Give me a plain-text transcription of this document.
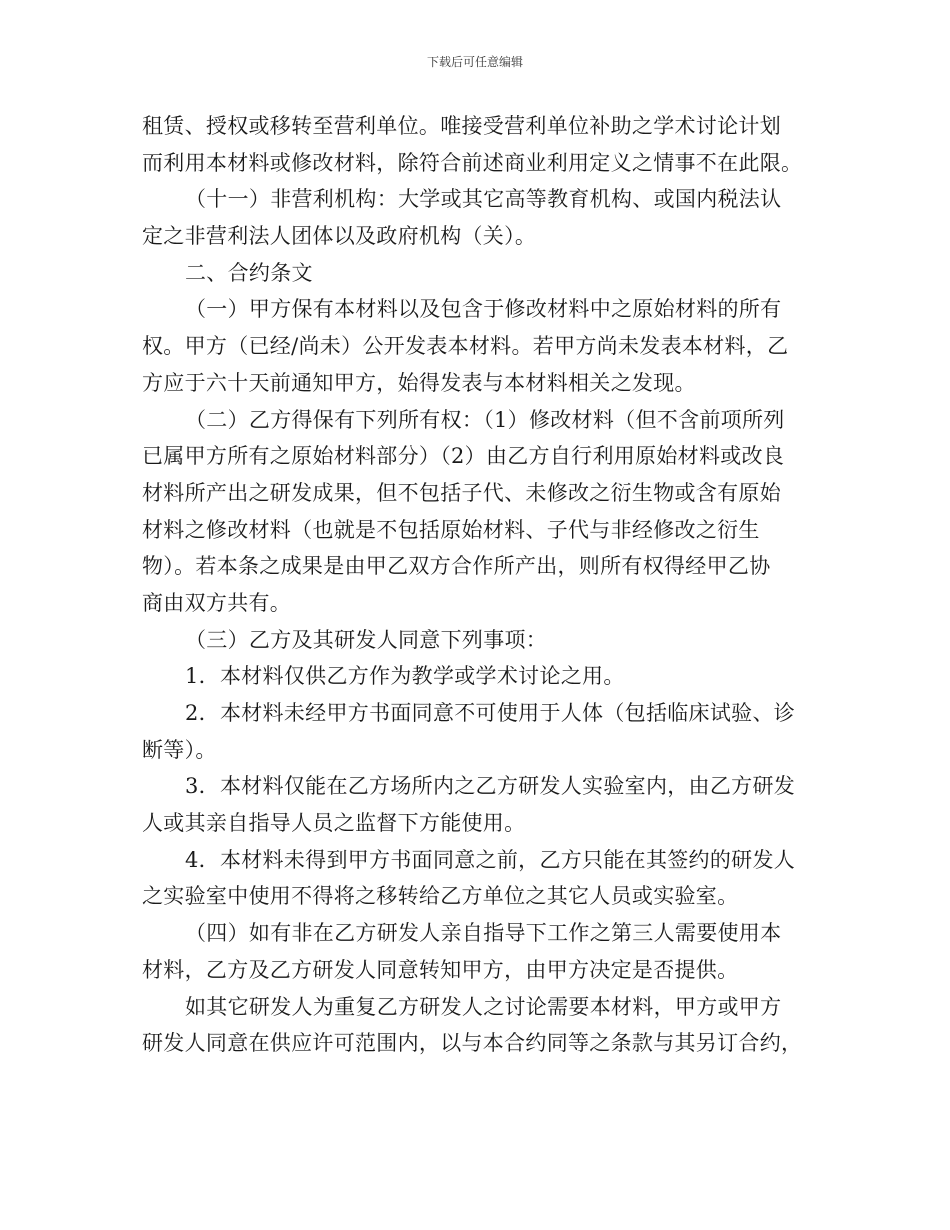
下载后可任意编辑
租赁、授权或移转至营利单位。唯接受营利单位补助之学术讨论计划
而利用本材料或修改材料，除符合前述商业利用定义之情事不在此限。
（十一）非营利机构：大学或其它高等教育机构、或国内税法认
定之非营利法人团体以及政府机构（关）。
二、合约条文
（一）甲方保有本材料以及包含于修改材料中之原始材料的所有
权。甲方（已经/尚未）公开发表本材料。若甲方尚未发表本材料，乙
方应于六十天前通知甲方，始得发表与本材料相关之发现。
（二）乙方得保有下列所有权：（1）修改材料（但不含前项所列
已属甲方所有之原始材料部分）（2）由乙方自行利用原始材料或改良
材料所产出之研发成果，但不包括子代、未修改之衍生物或含有原始
材料之修改材料（也就是不包括原始材料、子代与非经修改之衍生
物）。若本条之成果是由甲乙双方合作所产出，则所有权得经甲乙协
商由双方共有。
（三）乙方及其研发人同意下列事项：
1．本材料仅供乙方作为教学或学术讨论之用。
2．本材料未经甲方书面同意不可使用于人体（包括临床试验、诊
断等）。
3．本材料仅能在乙方场所内之乙方研发人实验室内，由乙方研发
人或其亲自指导人员之监督下方能使用。
4．本材料未得到甲方书面同意之前，乙方只能在其签约的研发人
之实验室中使用不得将之移转给乙方单位之其它人员或实验室。
（四）如有非在乙方研发人亲自指导下工作之第三人需要使用本
材料，乙方及乙方研发人同意转知甲方，由甲方决定是否提供。
如其它研发人为重复乙方研发人之讨论需要本材料，甲方或甲方
研发人同意在供应许可范围内，以与本合约同等之条款与其另订合约，
